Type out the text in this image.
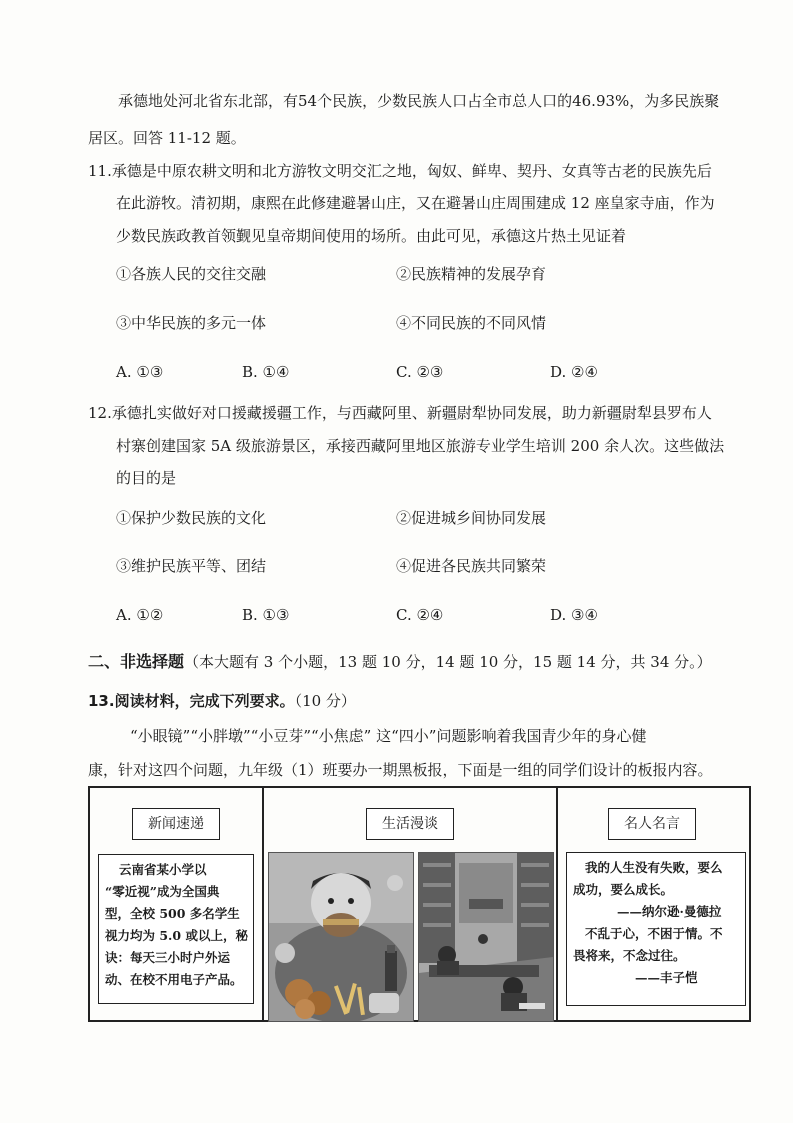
承德地处河北省东北部，有54个民族，少数民族人口占全市总人口的46.93%，为多民族聚
居区。回答 11-12 题。
11.承德是中原农耕文明和北方游牧文明交汇之地，匈奴、鲜卑、契丹、女真等古老的民族先后
在此游牧。清初期，康熙在此修建避暑山庄，又在避暑山庄周围建成 12 座皇家寺庙，作为
少数民族政教首领觐见皇帝期间使用的场所。由此可见，承德这片热土见证着
①各族人民的交往交融	②民族精神的发展孕育
③中华民族的多元一体	④不同民族的不同风情
A. ①③	B. ①④	C. ②③	D. ②④
12.承德扎实做好对口援藏援疆工作，与西藏阿里、新疆尉犁协同发展，助力新疆尉犁县罗布人
村寨创建国家 5A 级旅游景区，承接西藏阿里地区旅游专业学生培训 200 余人次。这些做法
的目的是
①保护少数民族的文化	②促进城乡间协同发展
③维护民族平等、团结	④促进各民族共同繁荣
A. ①②	B. ①③	C. ②④	D. ③④
二、非选择题（本大题有 3 个小题，13 题 10 分，14 题 10 分，15 题 14 分，共 34 分。）
13.阅读材料，完成下列要求。（10 分）
“小眼镜”“小胖墩”“小豆芽”“小焦虑” 这“四小”问题影响着我国青少年的身心健
康，针对这四个问题，九年级（1）班要办一期黑板报，下面是一组的同学们设计的板报内容。
新闻速递
云南省某小学以
“零近视”成为全国典
型，全校 500 多名学生
视力均为 5.0 或以上，秘
诀：每天三小时户外运
动、在校不用电子产品。
生活漫谈	名人名言
我的人生没有失败，要么
成功，要么成长。
——纳尔逊·曼德拉
不乱于心，不困于情。不
畏将来，不念过往。
——丰子恺
